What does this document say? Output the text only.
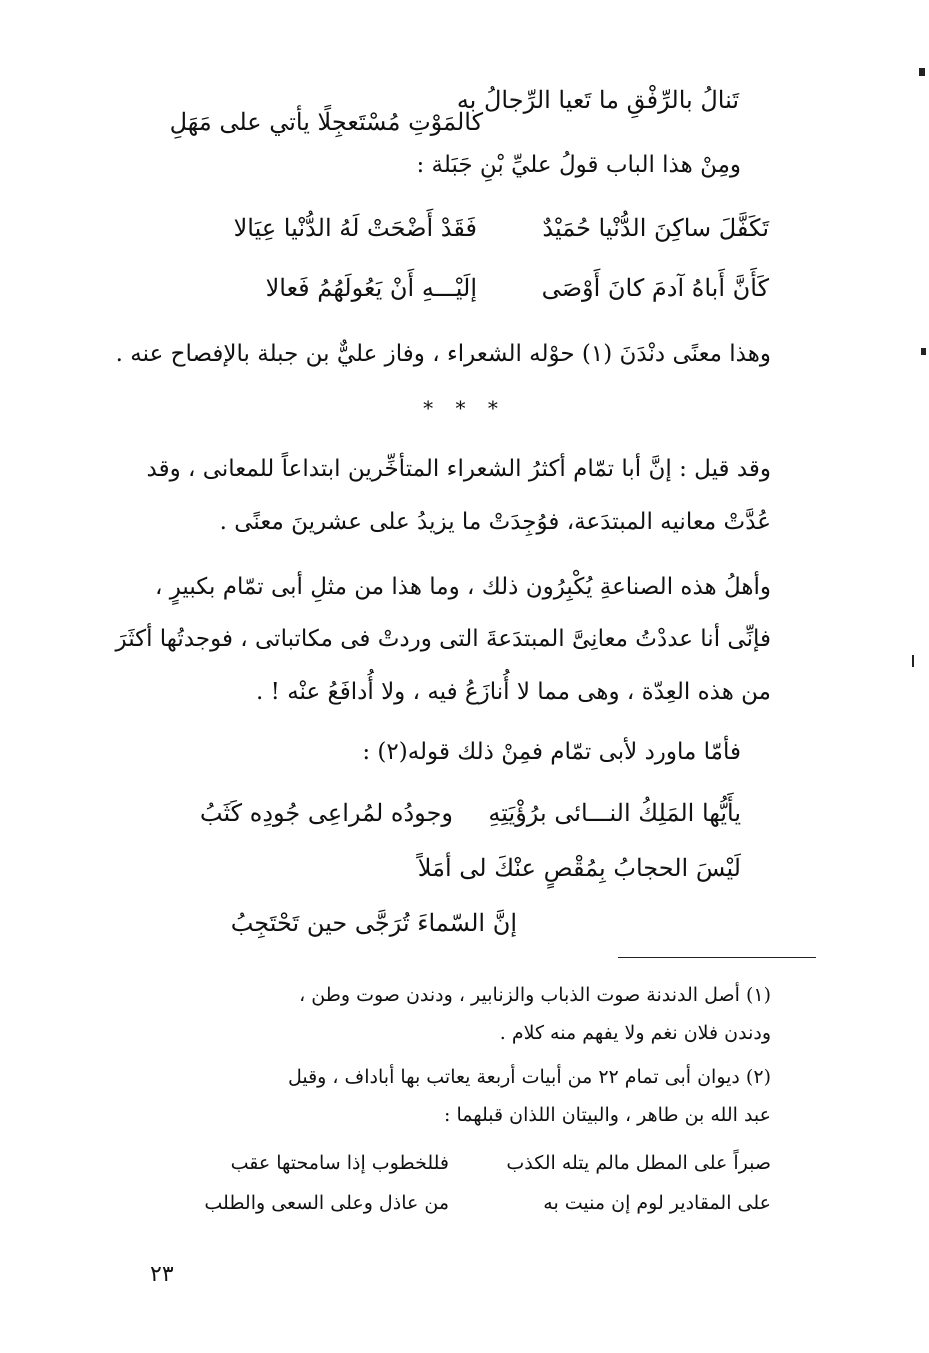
تَنالُ بالرِّفْقِ ما تَعيا الرِّجالُ به
كالمَوْتِ مُسْتَعجِلًا يأتي على مَهَلِ
ومِنْ هذا الباب قولُ عليِّ بْنِ جَبَلة :
تَكَفَّلَ ساكِنَ الدُّنْيا حُمَيْدٌ
فَقَدْ أَضْحَتْ لَهُ الدُّنْيا عِيَالا
كَأَنَّ أَباهُ آدمَ كانَ أَوْصَى
إلَيْـــهِ أَنْ يَعُولَهُمُ فَعالا
وهذا معنًى دنْدَنَ (١) حوْله الشعراء ، وفاز عليٌّ بن جبلة بالإفصاح عنه .
* * *
وقد قيل : إنَّ أبا تمّام أكثرُ الشعراء المتأخِّرين ابتداعاً للمعانى ، وقد
عُدَّتْ معانيه المبتدَعة، فوُجِدَتْ ما يزيدُ على عشرينَ معنًى .
وأهلُ هذه الصناعةِ يُكْبِرُون ذلك ، وما هذا من مثلِ أبى تمّام بكبيرٍ ،
فإنِّى أنا عددْتُ معانِىَّ المبتدَعةَ التى وردتْ فى مكاتباتى ، فوجدتُها أكثَرَ
من هذه العِدّة ، وهى مما لا أُنازَعُ فيه ، ولا أُدافَعُ عنْه ! .
فأمّا ماورد لأبى تمّام فمِنْ ذلك قوله(٢) :
يأَيُّها المَلِكُ النـــائى برُؤْيَتِهِ
وجودُه لمُراعِى جُودِه كَثَبُ
لَيْسَ الحجابُ بِمُقْصٍ عنْكَ لى أمَلاً
إنَّ السّماءَ تُرَجَّى حين تَحْتَجِبُ
(١) أصل الدندنة صوت الذباب والزنابير ، ودندن صوت وطن ،
ودندن فلان نغم ولا يفهم منه كلام .
(٢) ديوان أبى تمام ٢٢ من أبيات أربعة يعاتب بها أباداف ، وقيل
عبد الله بن طاهر ، والبيتان اللذان قبلهما :
صبراً على المطل مالم يتله الكذب
فللخطوب إذا سامحتها عقب
على المقادير لوم إن منيت به
من عاذل وعلى السعى والطلب
٢٣
